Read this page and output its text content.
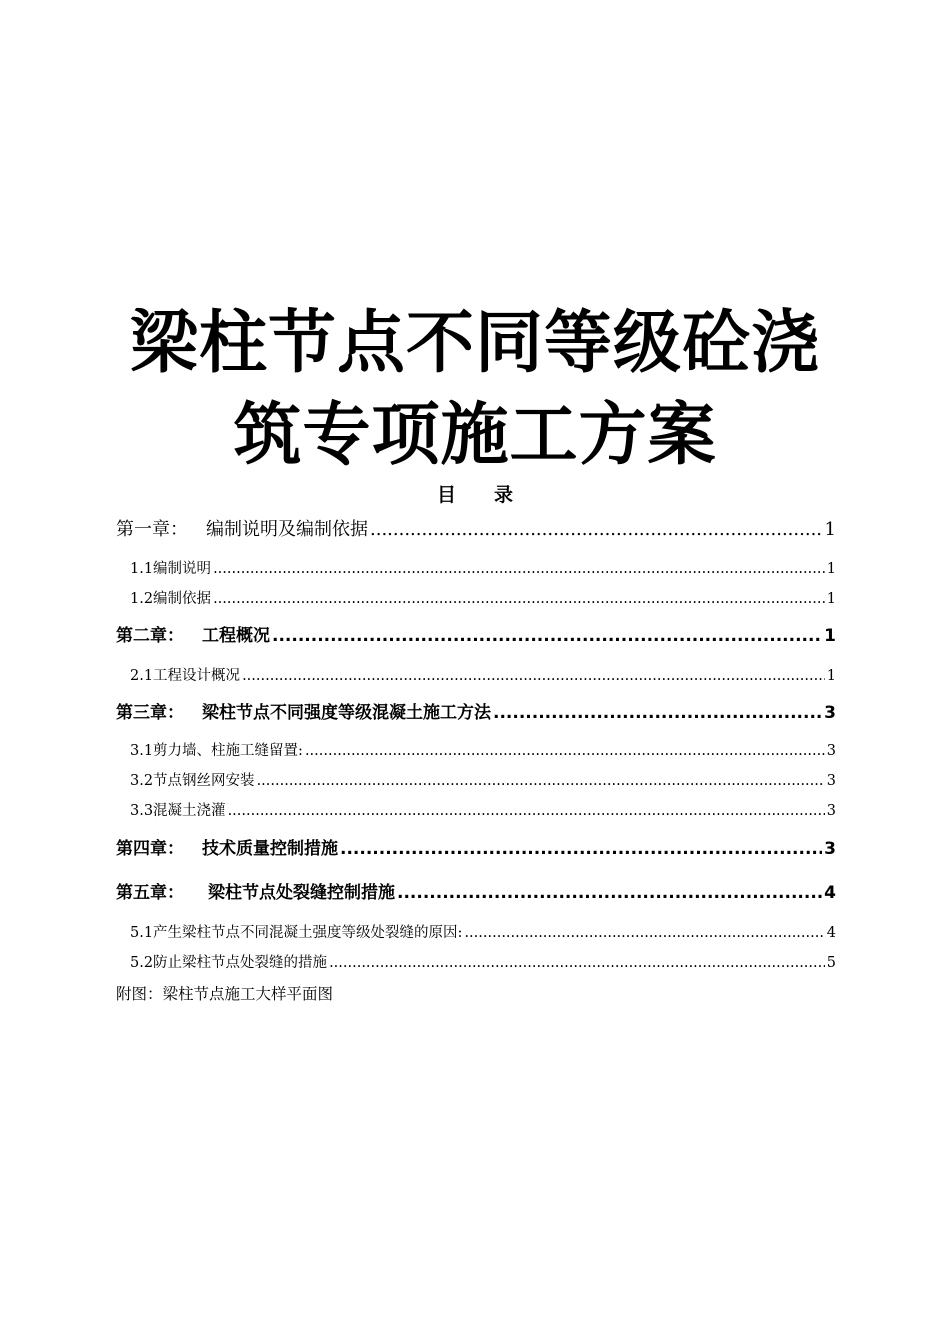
梁柱节点不同等级砼浇
筑专项施工方案
目录
第一章： 编制说明及编制依据 .....	1
1.1编制说明 .....	1
1.2编制依据 .....	1
第二章： 工程概况 .....	1
2.1工程设计概况 .....	1
第三章： 梁柱节点不同强度等级混凝土施工方法 .....	3
3.1剪力墙、柱施工缝留置: .....	3
3.2节点钢丝网安装 .....	3
3.3混凝土浇灌 .....	3
第四章： 技术质量控制措施 .....	3
第五章： 梁柱节点处裂缝控制措施 .....	4
5.1产生梁柱节点不同混凝土强度等级处裂缝的原因: .....	4
5.2防止梁柱节点处裂缝的措施 .....	5
附图：梁柱节点施工大样平面图
